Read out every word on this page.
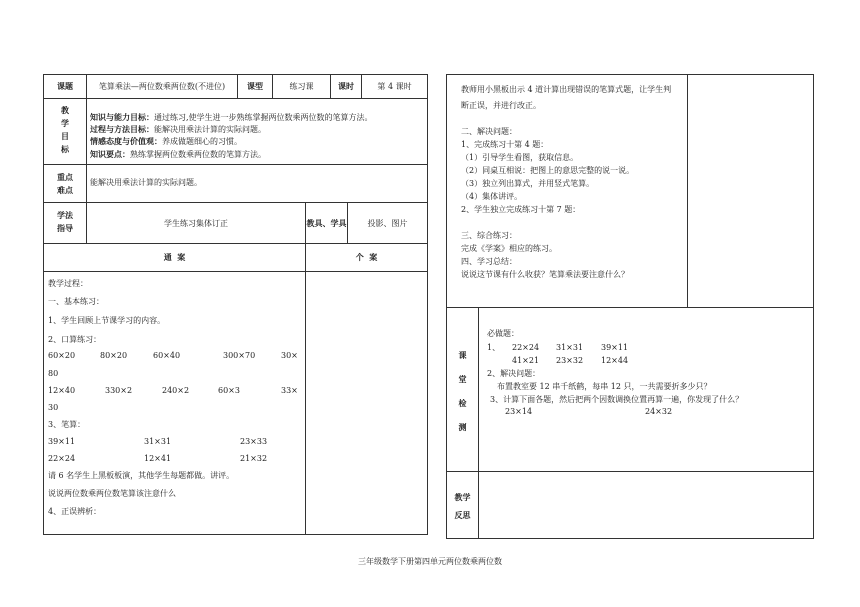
课题	笔算乘法—两位数乘两位数(不进位)	课型	练习课	课时	第 4 课时
教
学
目
标
知识与能力目标：通过练习,使学生进一步熟练掌握两位数乘两位数的笔算方法。
过程与方法目标：能解决用乘法计算的实际问题。
情感态度与价值观：养成做题细心的习惯。
知识要点：熟练掌握两位数乘两位数的笔算方法。
重点
难点
能解决用乘法计算的实际问题。
学法
指导
学生练习集体订正	教具、学具	投影、图片
通  案	个  案
教学过程：
一、基本练习：
1、学生回顾上节课学习的内容。
2、口算练习：
60×20	80×20	60×40	300×70	30×
80
12×40	330×2	240×2	60×3	33×
30
3、笔算：
39×11	31×31	23×33
22×24	12×41	21×32
请 6 名学生上黑板板演，其他学生每题都做。讲评。
说说两位数乘两位数笔算该注意什么
4、正误辨析：
教师用小黑板出示 4 道计算出现错误的笔算式题，让学生判
断正误，并进行改正。
二、解决问题：
1、完成练习十第 4 题：
（1）引导学生看图，获取信息。
（2）同桌互相说：把图上的意思完整的说一说。
（3）独立列出算式，并用竖式笔算。
（4）集体讲评。
2、学生独立完成练习十第 7 题：
三、综合练习：
完成《学案》相应的练习。
四、学习总结：
说说这节课有什么收获？笔算乘法要注意什么？
课
堂
检
测
必做题：
1、 22×24 31×31 39×11
41×21 23×32 12×44
2、解决问题：
布置教室要 12 串千纸鹤，每串 12 只，一共需要折多少只？
3、计算下面各题，然后把两个因数调换位置再算一遍，你发现了什么？
23×14	24×32
教学
反思
三年级数学下册第四单元两位数乘两位数
